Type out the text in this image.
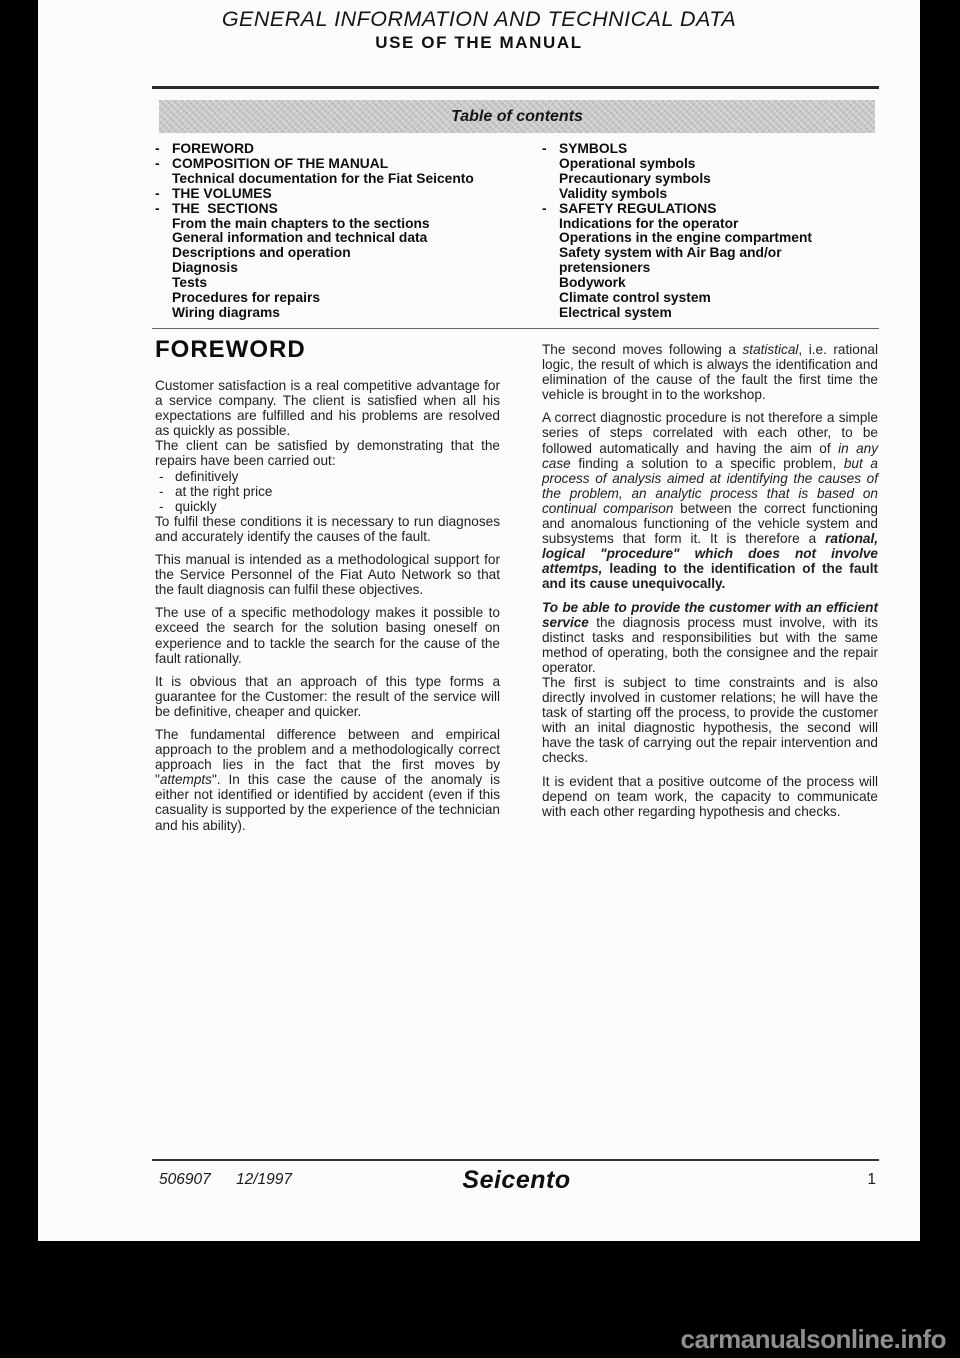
GENERAL INFORMATION AND TECHNICAL DATA
USE OF THE MANUAL
Table of contents
- FOREWORD
- COMPOSITION OF THE MANUAL
Technical documentation for the Fiat Seicento
- THE VOLUMES
- THE  SECTIONS
From the main chapters to the sections
General information and technical data
Descriptions and operation
Diagnosis
Tests
Procedures for repairs
Wiring diagrams
- SYMBOLS
Operational symbols
Precautionary symbols
Validity symbols
- SAFETY REGULATIONS
Indications for the operator
Operations in the engine compartment
Safety system with Air Bag and/or
pretensioners
Bodywork
Climate control system
Electrical system
FOREWORD
Customer satisfaction is a real competitive advantage for a service company. The client is satisfied when all his expectations are fulfilled and his problems are resolved as quickly as possible.
The client can be satisfied by demonstrating that the repairs have been carried out:
- definitively
- at the right price
- quickly
To fulfil these conditions it is necessary to run diagnoses and accurately identify the causes of the fault.
This manual is intended as a methodological support for the Service Personnel of the Fiat Auto Network so that the fault diagnosis can fulfil these objectives.
The use of a specific methodology makes it possible to exceed the search for the solution basing oneself on experience and to tackle the search for the cause of the fault rationally.
It is obvious that an approach of this type forms a guarantee for the Customer: the result of the service will be definitive, cheaper and quicker.
The fundamental difference between and empirical approach to the problem and a methodologically correct approach lies in the fact that the first moves by "attempts". In this case the cause of the anomaly is either not identified or identified by accident (even if this casuality is supported by the experience of the technician and his ability).
The second moves following a statistical, i.e. rational logic, the result of which is always the identification and elimination of the cause of the fault the first time the vehicle is brought in to the workshop.
A correct diagnostic procedure is not therefore a simple series of steps correlated with each other, to be followed automatically and having the aim of in any case finding a solution to a specific problem, but a process of analysis aimed at identifying the causes of the problem, an analytic process that is based on continual comparison between the correct functioning and anomalous functioning of the vehicle system and subsystems that form it. It is therefore a rational, logical "procedure" which does not involve attemtps, leading to the identification of the fault and its cause unequivocally.
To be able to provide the customer with an efficient service the diagnosis process must involve, with its distinct tasks and responsibilities but with the same method of operating, both the consignee and the repair operator.
The first is subject to time constraints and is also directly involved in customer relations; he will have the task of starting off the process, to provide the customer with an inital diagnostic hypothesis, the second will have the task of carrying out the repair intervention and checks.
It is evident that a positive outcome of the process will depend on team work, the capacity to communicate with each other regarding hypothesis and checks.
506907 12/1997	Seicento	1
carmanualsonline.info
